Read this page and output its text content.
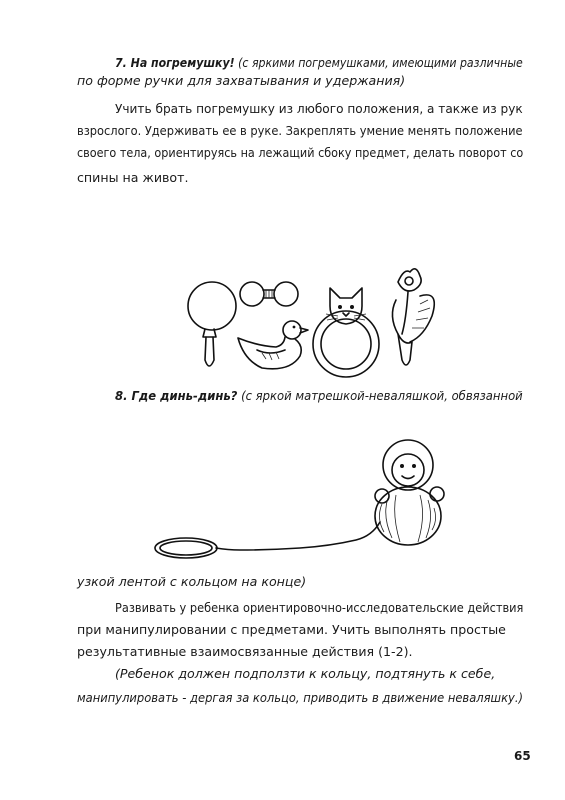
7. На погремушку! (с яркими погремушками, имеющими различные
по форме ручки для захватывания и удержания)
Учить брать погремушку из любого положения, а также из рук
взрослого. Удерживать ее в руке. Закреплять умение менять положение
своего тела, ориентируясь на лежащий сбоку предмет, делать поворот со
спины на живот.
8. Где динь-динь? (с яркой матрешкой-неваляшкой, обвязанной
узкой лентой с кольцом на конце)
Развивать у ребенка ориентировочно-исследовательские действия
при манипулировании с предметами. Учить выполнять простые
результативные взаимосвязанные действия (1-2).
(Ребенок должен подползти к кольцу, подтянуть к себе,
манипулировать - дергая за кольцо, приводить в движение неваляшку.)
65
